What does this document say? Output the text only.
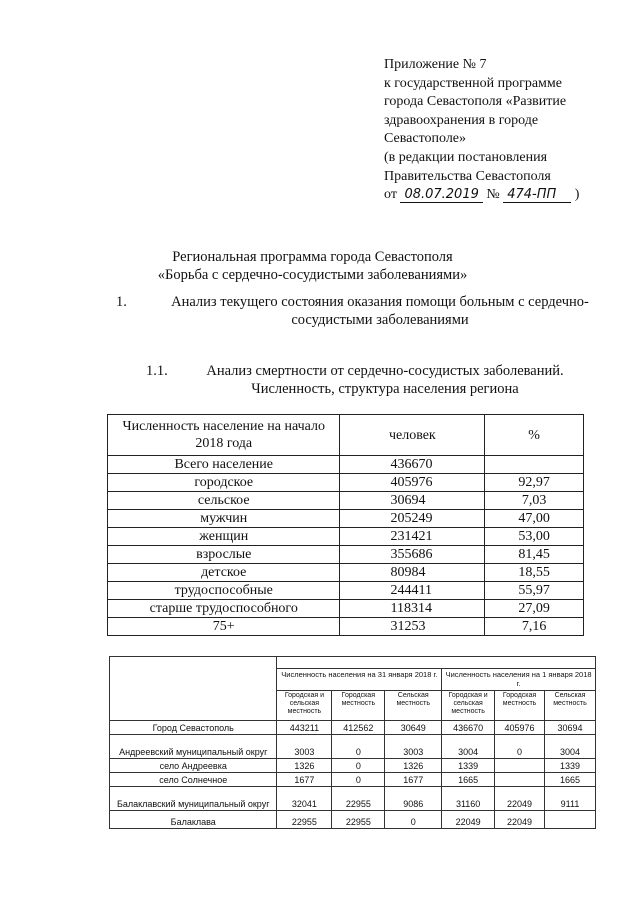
Приложение № 7
к государственной программе
города Севастополя «Развитие
здравоохранения в городе
Севастополе»
(в редакции постановления
Правительства Севастополя
от 08.07.2019 № 474-ПП )
Региональная программа города Севастополя
«Борьба с сердечно-сосудистыми заболеваниями»
1.	Анализ текущего состояния оказания помощи больным с сердечно-
сосудистыми заболеваниями
1.1.	Анализ смертности от сердечно-сосудистых заболеваний.
Численность, структура населения региона
Численность население на начало 2018 года	человек	%
Всего население	436670	
городское	405976	92,97
сельское	30694	7,03
мужчин	205249	47,00
женщин	231421	53,00
взрослые	355686	81,45
детское	80984	18,55
трудоспособные	244411	55,97
старше трудоспособного	118314	27,09
75+	31253	7,16

	Численность населения на 31 января 2018 г.			Численность населения на 1 января 2018 г.		
	Городская и сельская местность	Городская местность	Сельская местность	Городская и сельская местность	Городская местность	Сельская местность
Город Севастополь	443211	412562	30649	436670	405976	30694
Андреевский муниципальный округ	3003	0	3003	3004	0	3004
село Андреевка	1326	0	1326	1339		1339
село Солнечное	1677	0	1677	1665		1665
Балаклавский муниципальный округ	32041	22955	9086	31160	22049	9111
Балаклава	22955	22955	0	22049	22049	
